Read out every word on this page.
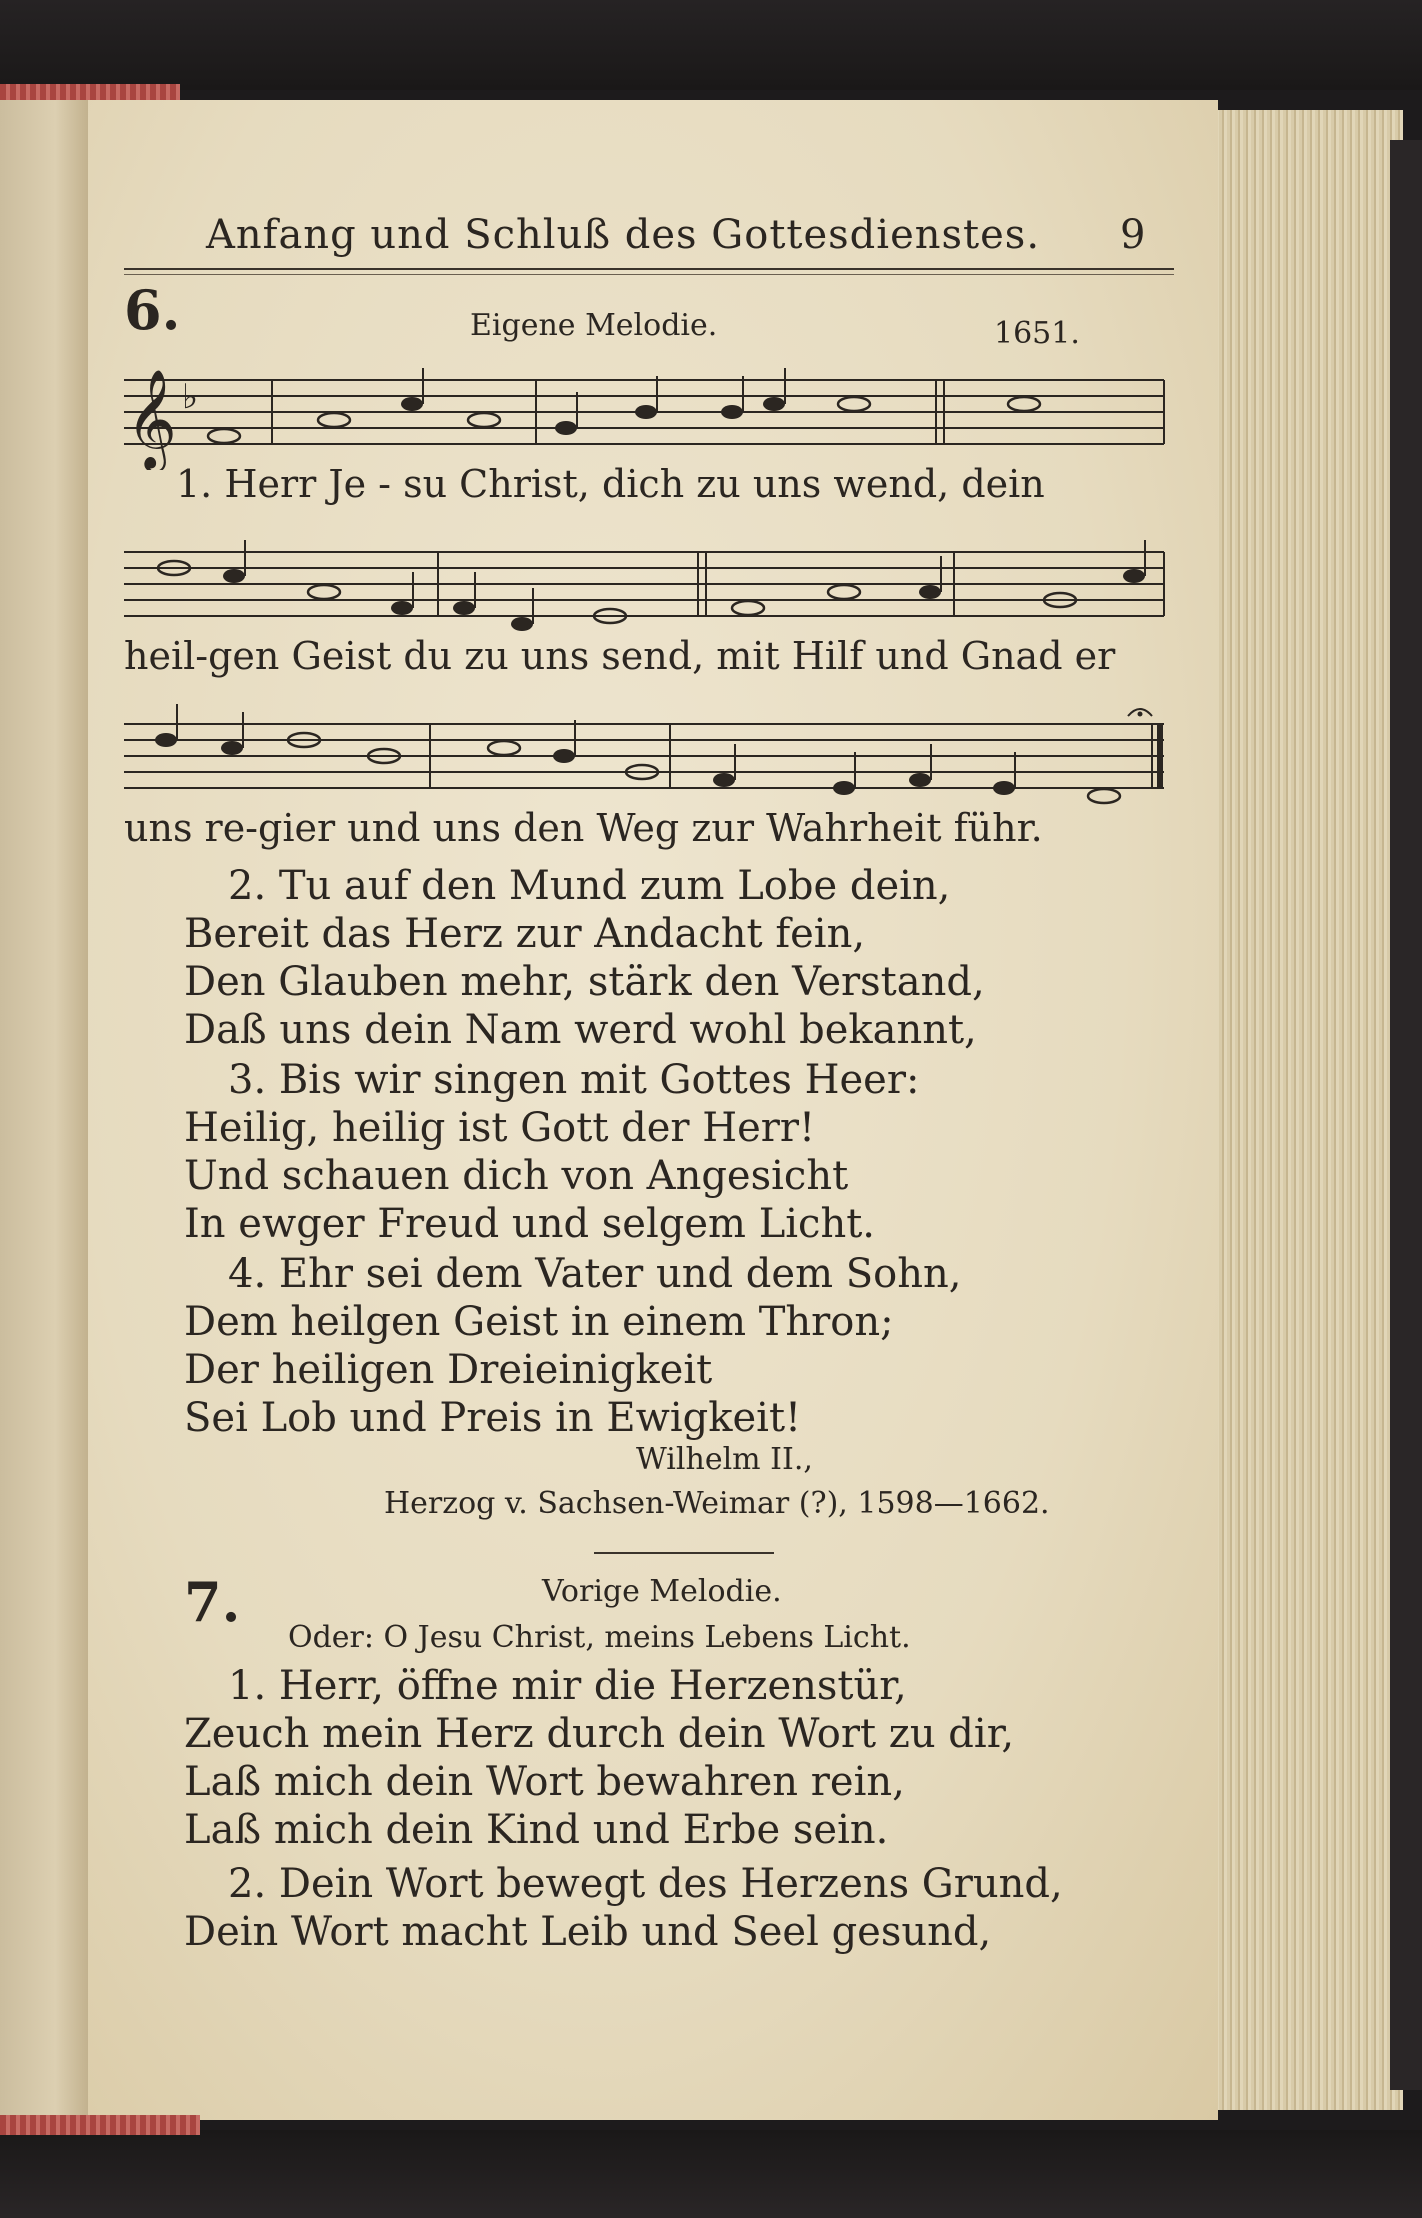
Anfang und Schluß des Gottesdienstes. 9
6.	Eigene Melodie.	1651.
𝄞 ♭
1. Herr Je - su Christ, dich zu uns wend, dein
heil-gen Geist du zu uns send, mit Hilf und Gnad er
uns re-gier und uns den Weg zur Wahrheit führ.
2. Tu auf den Mund zum Lobe dein,
Bereit das Herz zur Andacht fein,
Den Glauben mehr, stärk den Verstand,
Daß uns dein Nam werd wohl bekannt,
3. Bis wir singen mit Gottes Heer:
Heilig, heilig ist Gott der Herr!
Und schauen dich von Angesicht
In ewger Freud und selgem Licht.
4. Ehr sei dem Vater und dem Sohn,
Dem heilgen Geist in einem Thron;
Der heiligen Dreieinigkeit
Sei Lob und Preis in Ewigkeit!
Wilhelm II.,
Herzog v. Sachsen-Weimar (?), 1598—1662.
7.	Vorige Melodie.
Oder: O Jesu Christ, meins Lebens Licht.
1. Herr, öffne mir die Herzenstür,
Zeuch mein Herz durch dein Wort zu dir,
Laß mich dein Wort bewahren rein,
Laß mich dein Kind und Erbe sein.
2. Dein Wort bewegt des Herzens Grund,
Dein Wort macht Leib und Seel gesund,
